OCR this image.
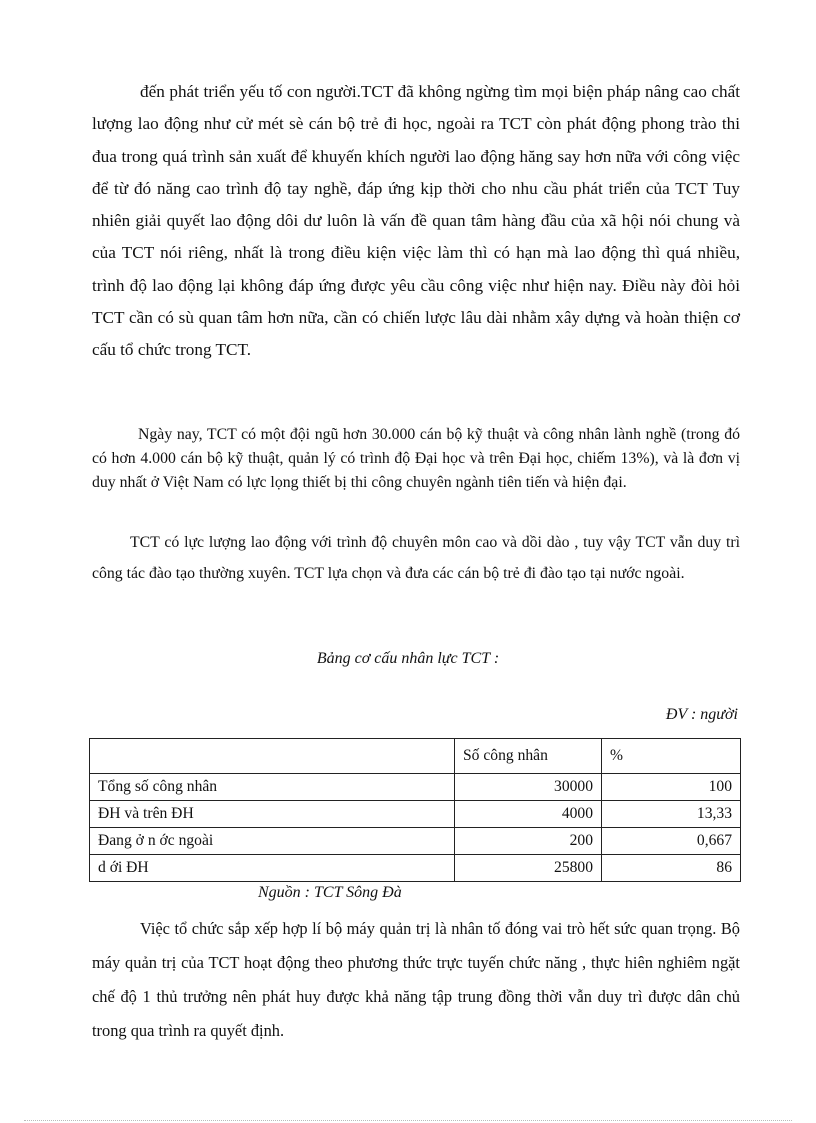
đến phát triển yếu tố con người.TCT đã không ngừng tìm mọi biện pháp nâng cao chất lượng lao động như cử mét sè cán bộ trẻ đi học, ngoài ra TCT còn phát động phong trào thi đua trong quá trình sản xuất để khuyến khích người lao động hăng say hơn nữa với công việc để từ đó năng cao trình độ tay nghề, đáp ứng kịp thời cho nhu cầu phát triển của TCT Tuy nhiên giải quyết lao động dôi dư luôn là vấn đề quan tâm hàng đầu của xã hội nói chung và của TCT nói riêng, nhất là trong điều kiện việc làm thì có hạn mà lao động thì quá nhiều, trình độ lao động lại không đáp ứng được yêu cầu công việc như hiện nay. Điều này đòi hỏi TCT cần có sù quan tâm hơn nữa, cần có chiến lược lâu dài nhằm xây dựng và hoàn thiện cơ cấu tổ chức trong TCT.

Ngày nay, TCT có một đội ngũ hơn 30.000 cán bộ kỹ thuật và công nhân lành nghề (trong đó có hơn 4.000 cán bộ kỹ thuật, quản lý có trình độ Đại học và trên Đại học, chiếm 13%), và là đơn vị duy nhất ở Việt Nam có lực lọng thiết bị thi công chuyên ngành tiên tiến và hiện đại.

TCT có lực lượng lao động với trình độ chuyên môn cao và dồi dào , tuy vậy TCT vẫn duy trì công tác đào tạo thường xuyên. TCT lựa chọn và đưa các cán bộ trẻ đi đào tạo tại nước ngoài.

Bảng cơ cấu nhân lực TCT :
ĐV : người
	Số công nhân	%
Tổng số công nhân	30000	100
ĐH và trên ĐH	4000	13,33
Đang ở n ớc ngoài	200	0,667
d ới ĐH	25800	86
Nguồn : TCT Sông Đà

Việc tổ chức sắp xếp hợp lí bộ máy quản trị là nhân tố đóng vai trò hết sức quan trọng. Bộ máy quản trị của TCT hoạt động theo phương thức trực tuyến chức năng , thực hiên nghiêm ngặt chế độ 1 thủ trưởng nên phát huy được khả năng tập trung đồng thời vẫn duy trì được dân chủ trong qua trình ra quyết định.
